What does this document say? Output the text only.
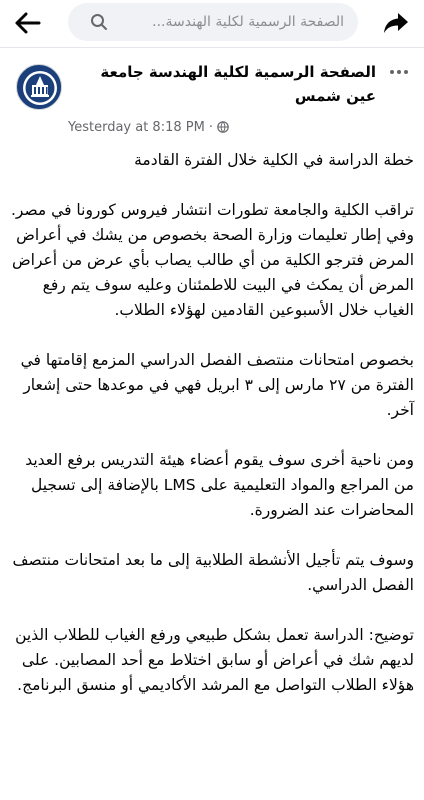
الصفحة الرسمية لكلية الهندسة...
الصفحة الرسمية لكلية الهندسة جامعة عين شمس
Yesterday at 8:18 PM ·

خطة الدراسة في الكلية خلال الفترة القادمة

تراقب الكلية والجامعة تطورات انتشار فيروس كورونا في مصر. وفي إطار تعليمات وزارة الصحة بخصوص من يشك في أعراض المرض فترجو الكلية من أي طالب يصاب بأي عرض من أعراض المرض أن يمكث في البيت للاطمئنان وعليه سوف يتم رفع الغياب خلال الأسبوعين القادمين لهؤلاء الطلاب.

بخصوص امتحانات منتصف الفصل الدراسي المزمع إقامتها في الفترة من ٢٧ مارس إلى ٣ ابريل فهي في موعدها حتى إشعار آخر.

ومن ناحية أخرى سوف يقوم أعضاء هيئة التدريس برفع العديد من المراجع والمواد التعليمية على LMS بالإضافة إلى تسجيل المحاضرات عند الضرورة.

وسوف يتم تأجيل الأنشطة الطلابية إلى ما بعد امتحانات منتصف الفصل الدراسي.

توضيح: الدراسة تعمل بشكل طبيعي ورفع الغياب للطلاب الذين لديهم شك في أعراض أو سابق اختلاط مع أحد المصابين. على هؤلاء الطلاب التواصل مع المرشد الأكاديمي أو منسق البرنامج.
